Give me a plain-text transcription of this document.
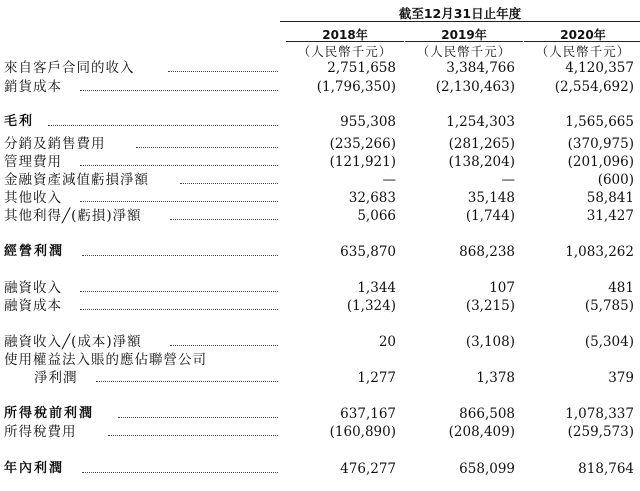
截至12月31日止年度
2018年	2019年	2020年
（人民幣千元）	（人民幣千元）	（人民幣千元）
來自客戶合同的收入	2,751,658	3,384,766	4,120,357
銷貨成本	(1,796,350)	(2,130,463)	(2,554,692)
毛利	955,308	1,254,303	1,565,665
分銷及銷售費用	(235,266)	(281,265)	(370,975)
管理費用	(121,921)	(138,204)	(201,096)
金融資產減值虧損淨額	—	—	(600)
其他收入	32,683	35,148	58,841
其他利得╱(虧損)淨額	5,066	(1,744)	31,427
經營利潤	635,870	868,238	1,083,262
融資收入	1,344	107	481
融資成本	(1,324)	(3,215)	(5,785)
融資收入╱(成本)淨額	20	(3,108)	(5,304)
使用權益法入賬的應佔聯營公司
淨利潤	1,277	1,378	379
所得稅前利潤	637,167	866,508	1,078,337
所得稅費用	(160,890)	(208,409)	(259,573)
年內利潤	476,277	658,099	818,764
